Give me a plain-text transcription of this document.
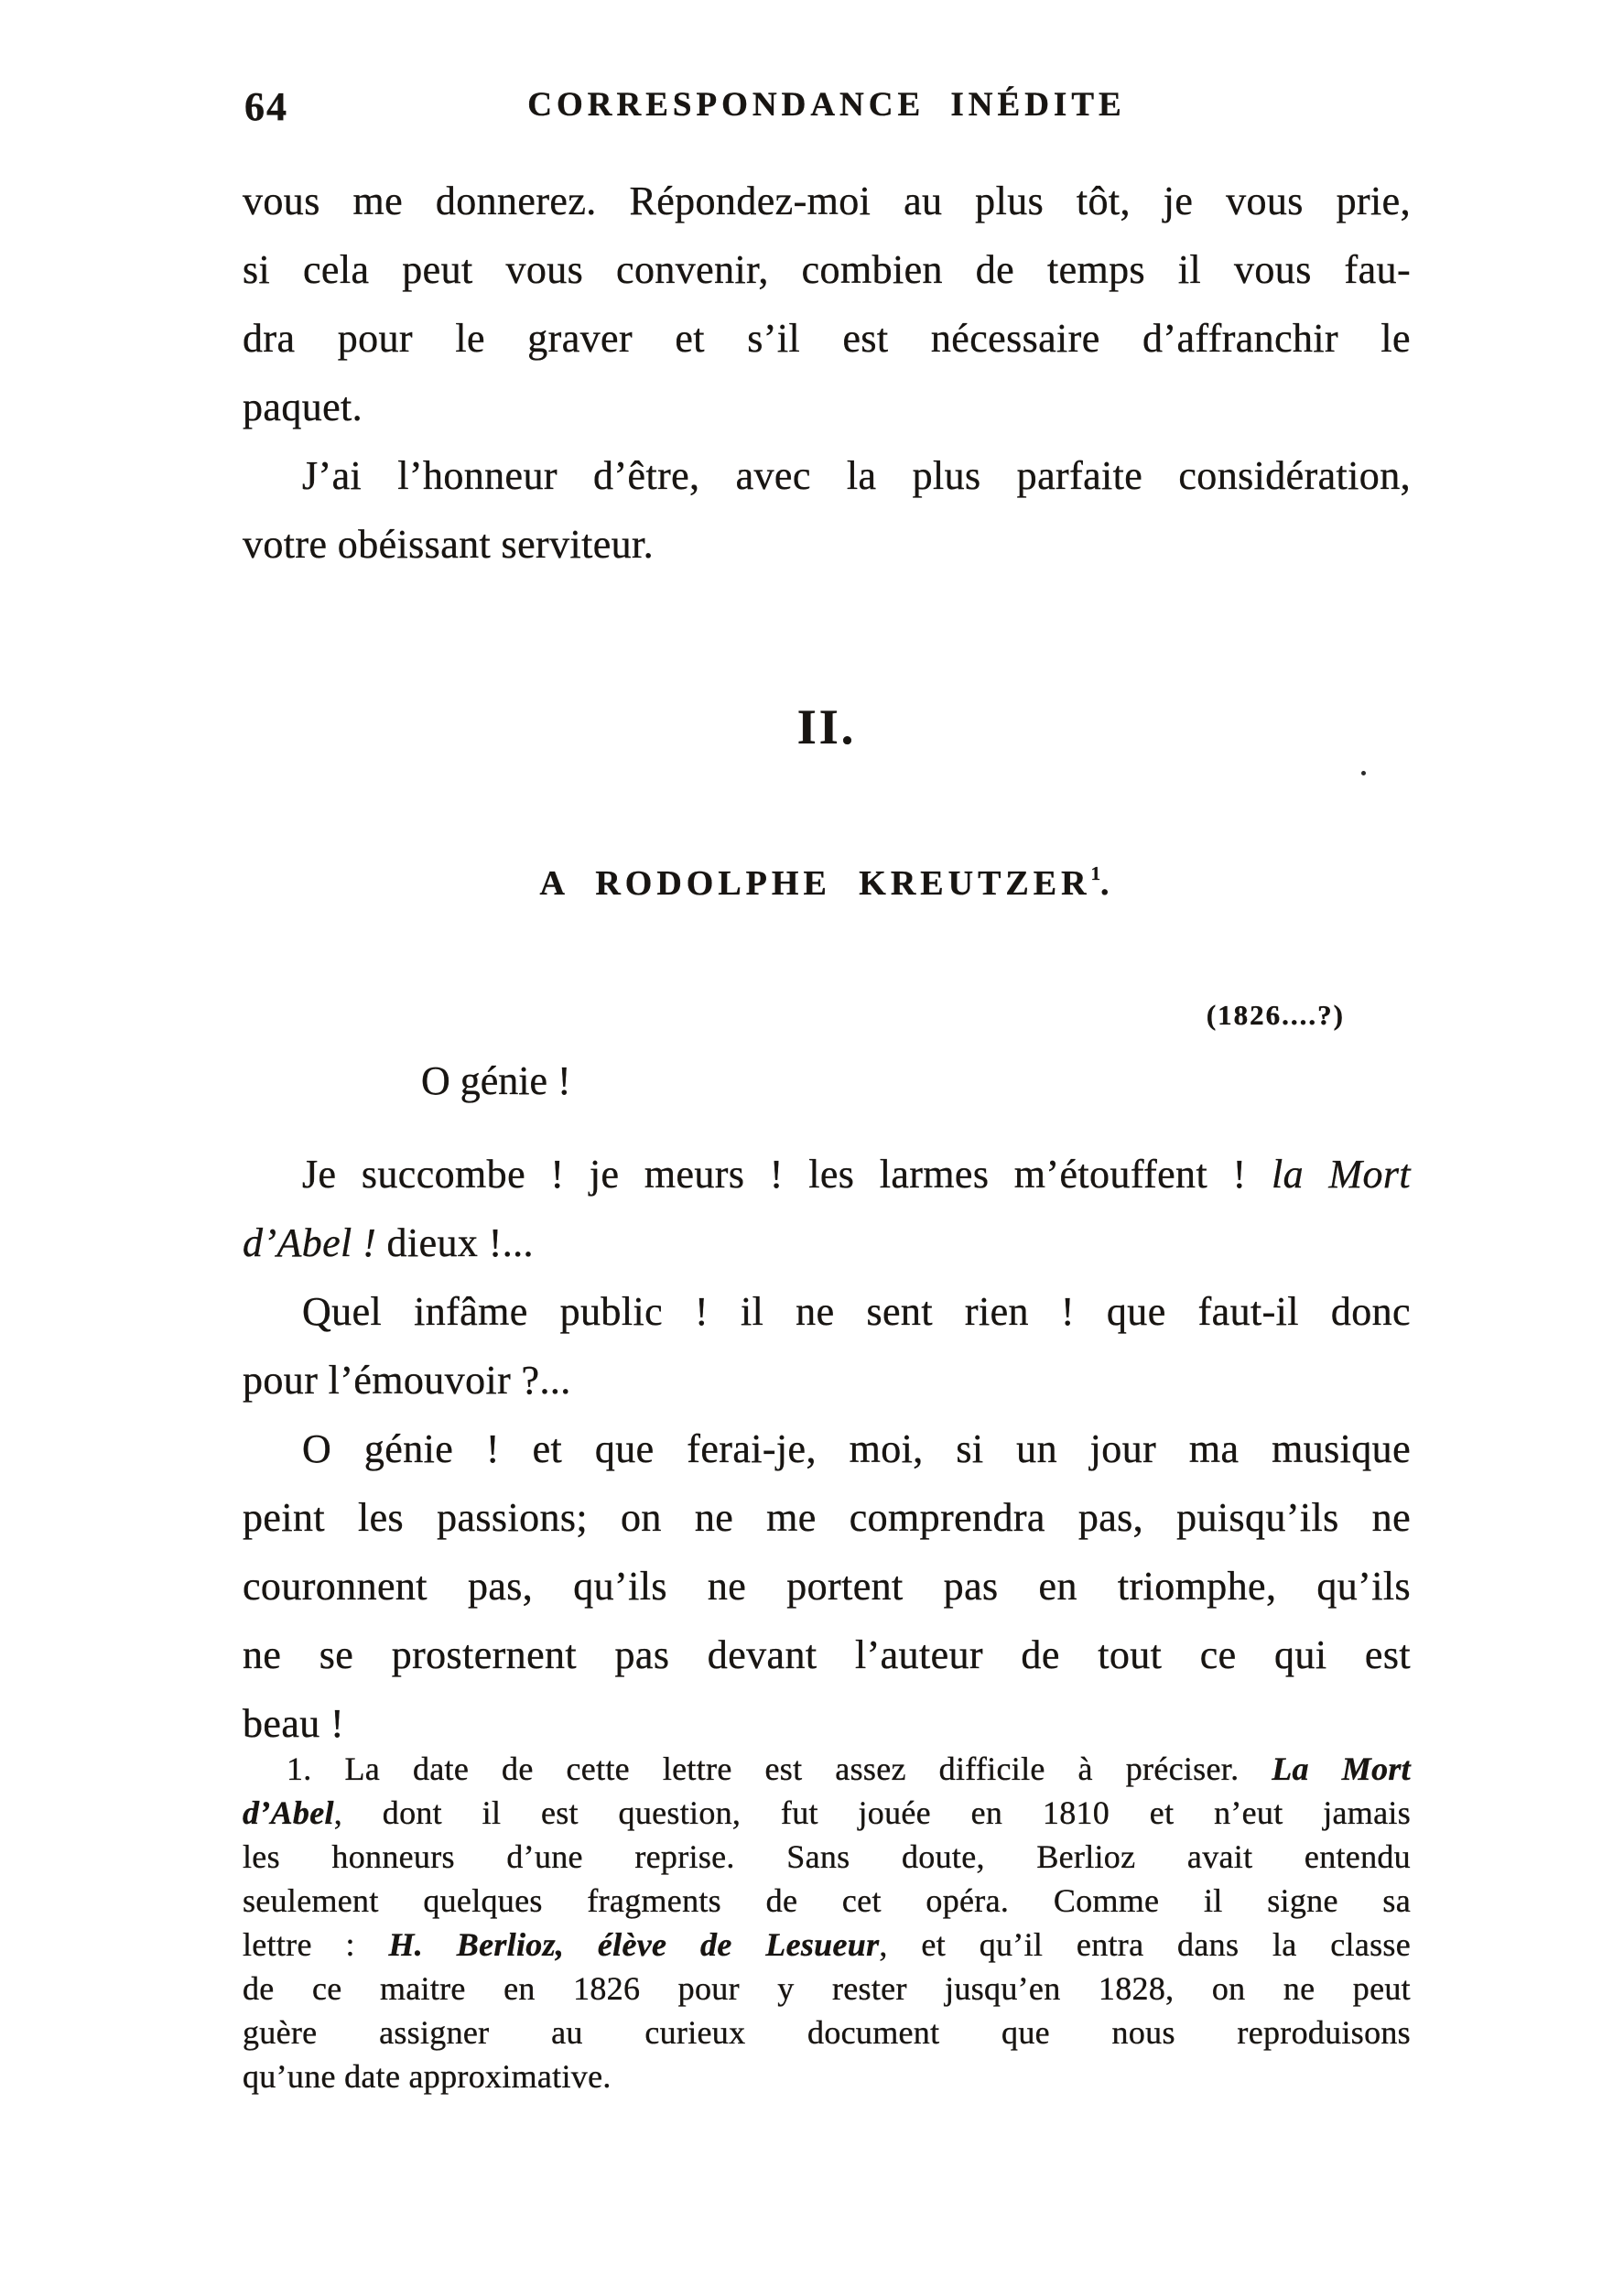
64	CORRESPONDANCE INÉDITE
vous me donnerez. Répondez-moi au plus tôt, je vous prie,
si cela peut vous convenir, combien de temps il vous fau-
dra pour le graver et s’il est nécessaire d’affranchir le
paquet.
J’ai l’honneur d’être, avec la plus parfaite considération,
votre obéissant serviteur.
II.
A RODOLPHE KREUTZER$^1$.
(1826....?)
O génie !
Je succombe ! je meurs ! les larmes m’étouffent ! la Mort
d’Abel ! dieux !...
Quel infâme public ! il ne sent rien ! que faut-il donc
pour l’émouvoir ?...
O génie ! et que ferai-je, moi, si un jour ma musique
peint les passions; on ne me comprendra pas, puisqu’ils ne
couronnent pas, qu’ils ne portent pas en triomphe, qu’ils
ne se prosternent pas devant l’auteur de tout ce qui est
beau !
1. La date de cette lettre est assez difficile à préciser. La Mort
d’Abel, dont il est question, fut jouée en 1810 et n’eut jamais
les honneurs d’une reprise. Sans doute, Berlioz avait entendu
seulement quelques fragments de cet opéra. Comme il signe sa
lettre : H. Berlioz, élève de Lesueur, et qu’il entra dans la classe
de ce maitre en 1826 pour y rester jusqu’en 1828, on ne peut
guère assigner au curieux document que nous reproduisons
qu’une date approximative.
